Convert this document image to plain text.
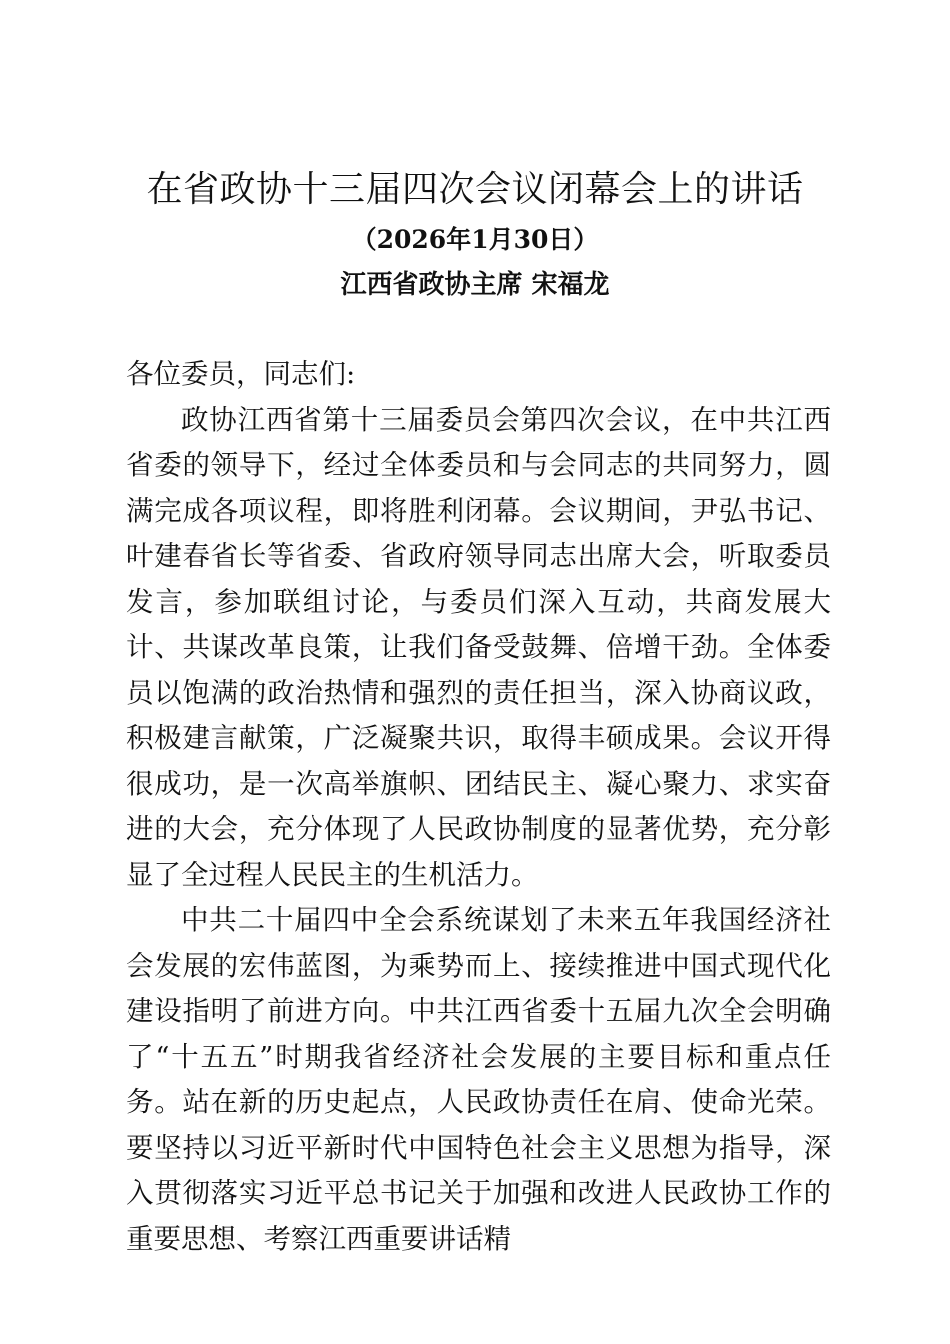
在省政协十三届四次会议闭幕会上的讲话
（2026年1月30日）
江西省政协主席 宋福龙

各位委员，同志们:

政协江西省第十三届委员会第四次会议，在中共江西省委的领导下，经过全体委员和与会同志的共同努力，圆满完成各项议程，即将胜利闭幕。会议期间，尹弘书记、叶建春省长等省委、省政府领导同志出席大会，听取委员发言，参加联组讨论，与委员们深入互动，共商发展大计、共谋改革良策，让我们备受鼓舞、倍增干劲。全体委员以饱满的政治热情和强烈的责任担当，深入协商议政，积极建言献策，广泛凝聚共识，取得丰硕成果。会议开得很成功，是一次高举旗帜、团结民主、凝心聚力、求实奋进的大会，充分体现了人民政协制度的显著优势，充分彰显了全过程人民民主的生机活力。

中共二十届四中全会系统谋划了未来五年我国经济社会发展的宏伟蓝图，为乘势而上、接续推进中国式现代化建设指明了前进方向。中共江西省委十五届九次全会明确了“十五五”时期我省经济社会发展的主要目标和重点任务。站在新的历史起点，人民政协责任在肩、使命光荣。要坚持以习近平新时代中国特色社会主义思想为指导，深入贯彻落实习近平总书记关于加强和改进人民政协工作的重要思想、考察江西重要讲话精
